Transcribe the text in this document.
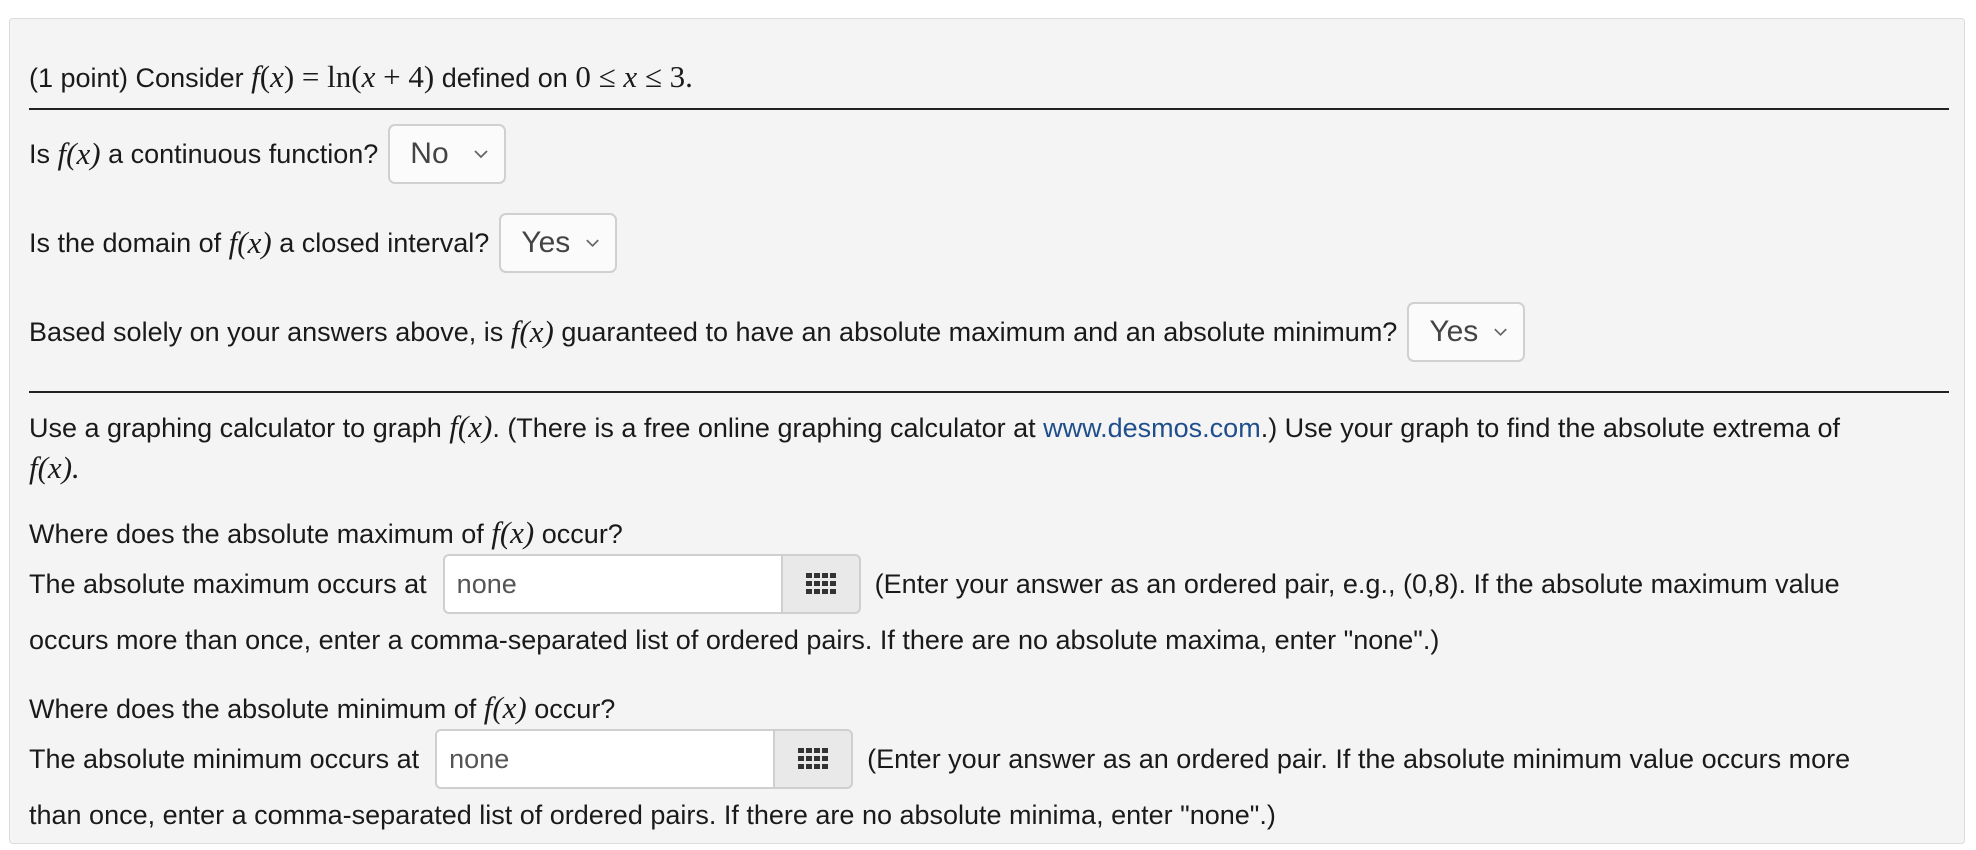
(1 point) Consider f(x) = ln(x + 4) defined on 0 ≤ x ≤ 3.
Is
f(x)
a continuous function? No
Is the domain of
f(x)
a closed interval? Yes
Based solely on your answers above, is
f(x)
guaranteed to have an absolute maximum and an absolute minimum? Yes
Use a graphing calculator to graph f(x). (There is a free online graphing calculator at www.desmos.com.) Use your graph to find the absolute extrema of
f(x).
Where does the absolute maximum of f(x) occur?
The absolute maximum occurs at
none	(Enter your answer as an ordered pair, e.g., (0,8). If the absolute maximum value
occurs more than once, enter a comma-separated list of ordered pairs. If there are no absolute maxima, enter "none".)
Where does the absolute minimum of f(x) occur?
The absolute minimum occurs at
none	(Enter your answer as an ordered pair. If the absolute minimum value occurs more
than once, enter a comma-separated list of ordered pairs. If there are no absolute minima, enter "none".)
